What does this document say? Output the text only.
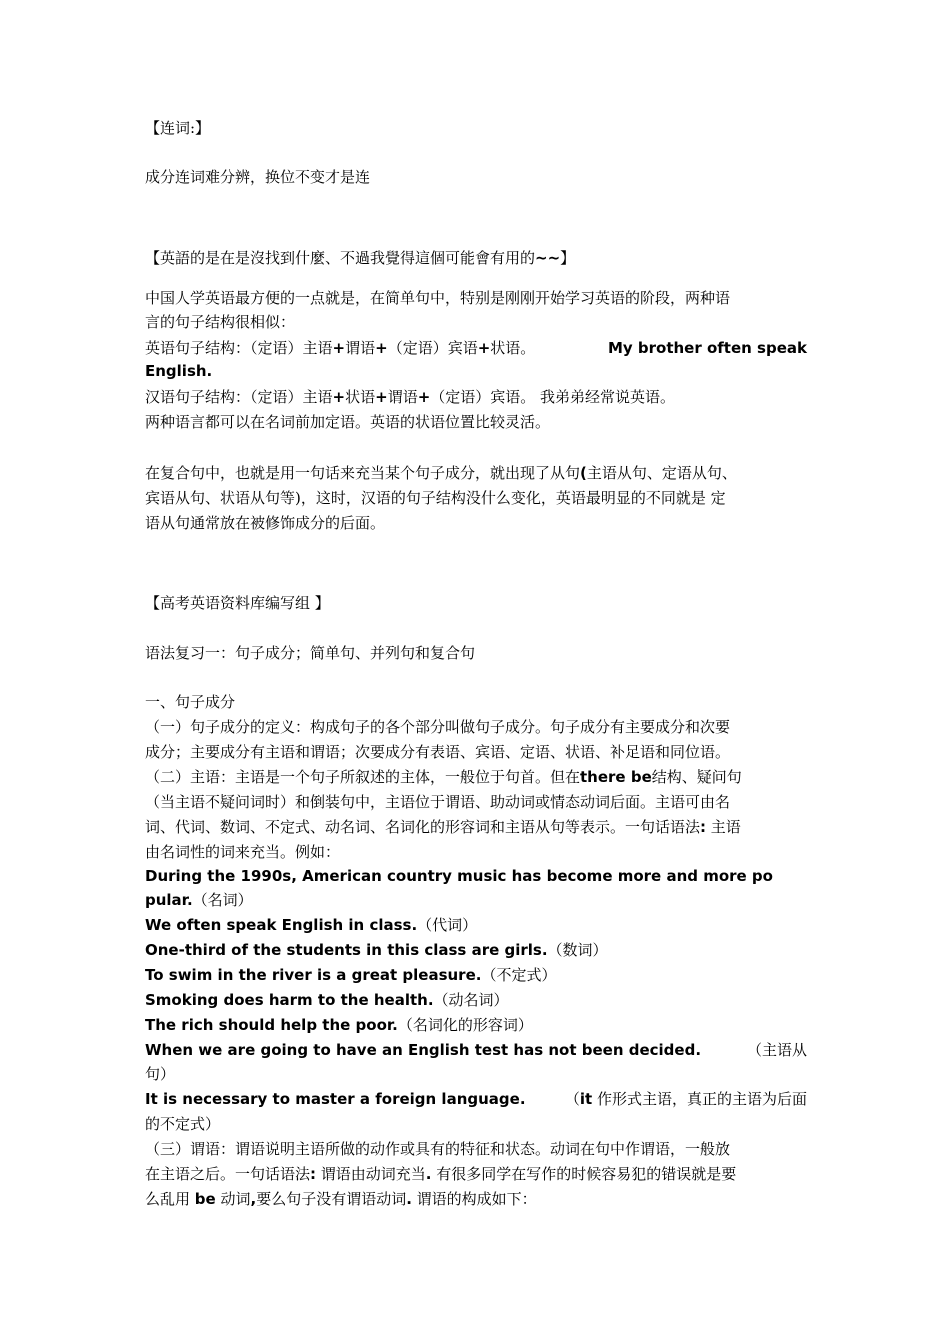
【连词:】
成分连词难分辨，换位不变才是连
【英語的是在是沒找到什麼、不過我覺得這個可能會有用的~~】
中国人学英语最方便的一点就是，在简单句中，特别是刚刚开始学习英语的阶段，两种语
言的句子结构很相似：
英语句子结构：（定语）主语+谓语+（定语）宾语+状语。	My brother often speak
English.
汉语句子结构：（定语）主语+状语+谓语+（定语）宾语。 我弟弟经常说英语。
两种语言都可以在名词前加定语。英语的状语位置比较灵活。
在复合句中，也就是用一句话来充当某个句子成分，就出现了从句(主语从句、定语从句、
宾语从句、状语从句等)，这时，汉语的句子结构没什么变化，英语最明显的不同就是 定
语从句通常放在被修饰成分的后面。
【高考英语资料库编写组 】
语法复习一：句子成分；简单句、并列句和复合句
一、句子成分
（一）句子成分的定义：构成句子的各个部分叫做句子成分。句子成分有主要成分和次要
成分；主要成分有主语和谓语；次要成分有表语、宾语、定语、状语、补足语和同位语。
（二）主语：主语是一个句子所叙述的主体，一般位于句首。但在there be结构、疑问句
（当主语不疑问词时）和倒装句中，主语位于谓语、助动词或情态动词后面。主语可由名
词、代词、数词、不定式、动名词、名词化的形容词和主语从句等表示。一句话语法: 主语
由名词性的词来充当。例如：
During the 1990s, American country music has become more and more po
pular.（名词）
We often speak English in class.（代词）
One-third of the students in this class are girls.（数词）
To swim in the river is a great pleasure.（不定式）
Smoking does harm to the health.（动名词）
The rich should help the poor.（名词化的形容词）
When we are going to have an English test has not been decided.	（主语从
句）
It is necessary to master a foreign language.	（it 作形式主语，真正的主语为后面
的不定式）
（三）谓语：谓语说明主语所做的动作或具有的特征和状态。动词在句中作谓语，一般放
在主语之后。一句话语法: 谓语由动词充当. 有很多同学在写作的时候容易犯的错误就是要
么乱用 be 动词,要么句子没有谓语动词. 谓语的构成如下：
